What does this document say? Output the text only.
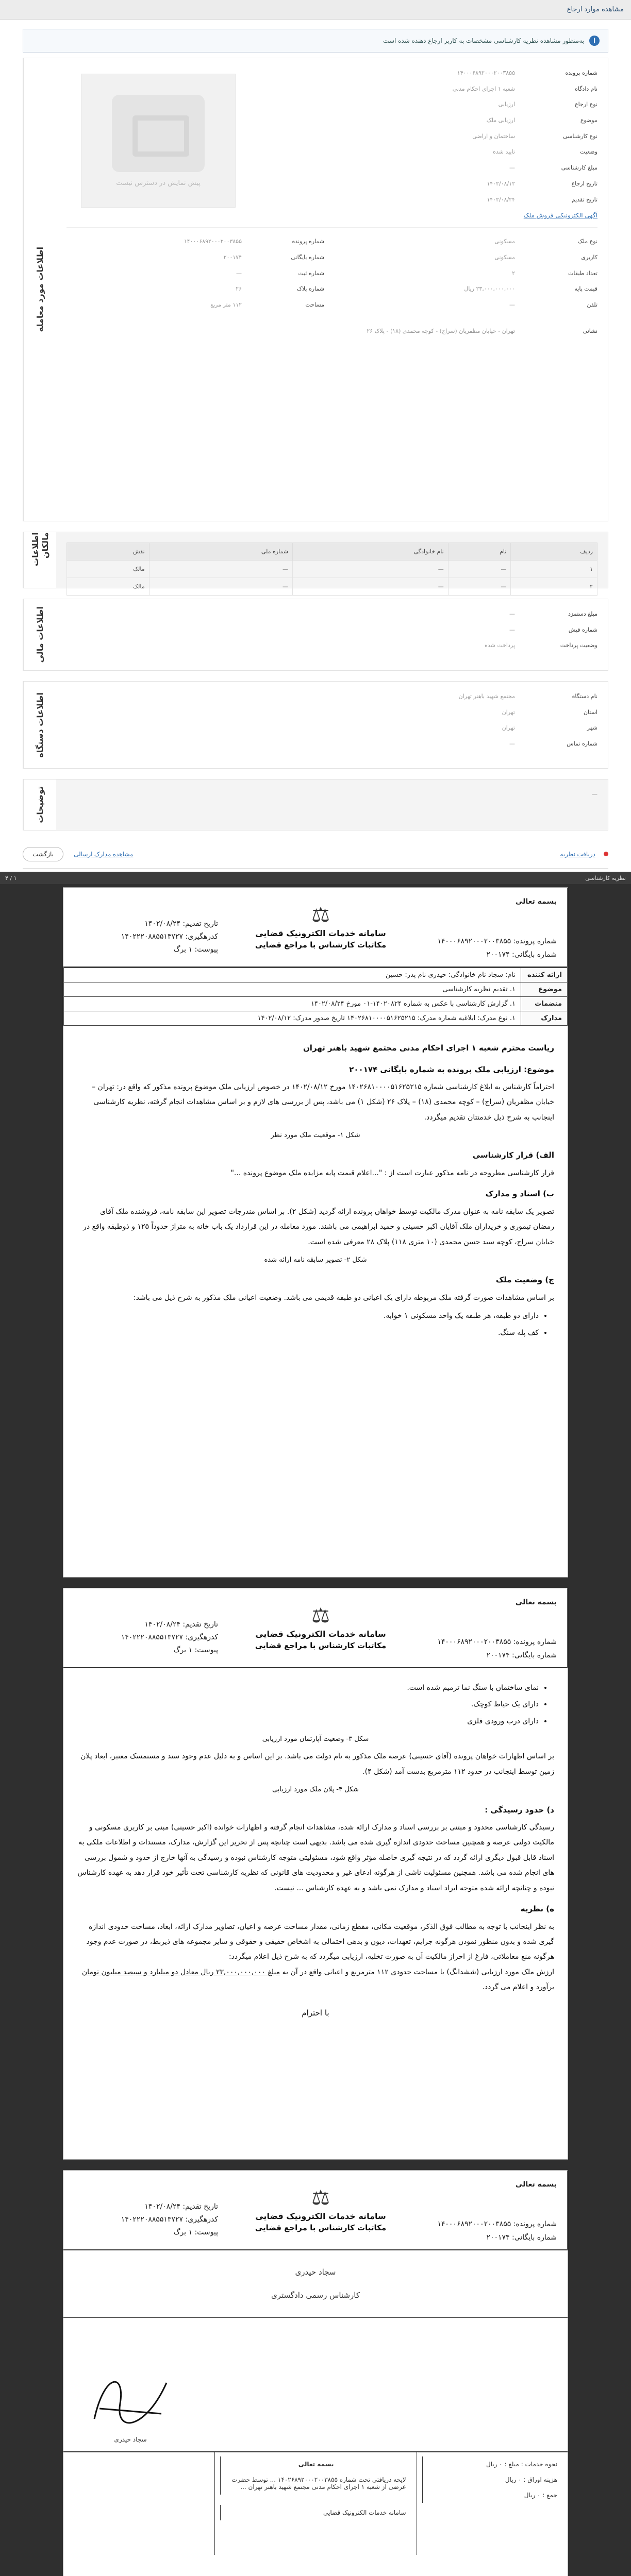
مشاهده موارد ارجاع
i
به‌منظور مشاهده نظریه کارشناسی مشخصات به کاربر ارجاع دهنده شده است
شماره پرونده
۱۴۰۰۰۶۸۹۲۰۰۰۲۰۰۳۸۵۵
نام دادگاه
شعبه ۱ اجرای احکام مدنی
نوع ارجاع
ارزیابی
موضوع
ارزیابی ملک
نوع کارشناسی
ساختمان و اراضی
وضعیت
تایید شده
مبلغ کارشناسی
—
تاریخ ارجاع
۱۴۰۲/۰۸/۱۲
تاریخ تقدیم
۱۴۰۲/۰۸/۲۴
آگهی الکترونیکی فروش ملک
پیش نمایش در دسترس نیست
نوع ملک
مسکونی
کاربری
مسکونی
تعداد طبقات
۲
قیمت پایه
۲۳,۰۰۰,۰۰۰,۰۰۰ ریال
تلفن
—
شماره پرونده
۱۴۰۰۰۶۸۹۲۰۰۰۲۰۰۳۸۵۵
شماره بایگانی
۲۰۰۱۷۴
شماره ثبت
—
شماره پلاک
۲۶
مساحت
۱۱۲ متر مربع
نشانی
تهران - خیابان مظفریان (سراج) - کوچه محمدی (۱۸) - پلاک ۲۶
اطلاعات مورد معامله
ردیف	نام	نام خانوادگی	شماره ملی	نقش
۱	—	—	—	مالک
۲	—	—	—	مالک
اطلاعات مالکان
مبلغ دستمزد
—
شماره فیش
—
وضعیت پرداخت
پرداخت شده
اطلاعات مالی
نام دستگاه
مجتمع شهید باهنر تهران
استان
تهران
شهر
تهران
شماره تماس
—
اطلاعات دستگاه
—
توضیحات
دریافت نظریه
مشاهده مدارک ارسالی
بازگشت
نظریه کارشناسی
۱ / ۴
بسمه تعالی
شماره پرونده: ۱۴۰۰۰۶۸۹۲۰۰۰۲۰۰۳۸۵۵
شماره بایگانی: ۲۰۰۱۷۴
⚖
سامانه خدمات الکترونیک قضایی
مکاتبات کارشناس با مراجع قضایی
تاریخ تقدیم: ۱۴۰۲/۰۸/۲۴
کدرهگیری: ۱۴۰۲۲۲۰۸۸۵۵۱۳۷۲۷
پیوست: ۱ برگ
ارائه کننده	نام: سجاد نام خانوادگی: حیدری نام پدر: حسین
موضوع	۱. تقدیم نظریه کارشناسی
منضمات	۱. گزارش کارشناسی با عکس به شماره ۱۴۰۲۰۸۲۴-۰۱ مورخ ۱۴۰۲/۰۸/۲۴
مدارک	۱. نوع مدرک: ابلاغیه شماره مدرک: ۱۴۰۲۶۸۱۰۰۰۰۵۱۶۲۵۲۱۵ تاریخ صدور مدرک: ۱۴۰۲/۰۸/۱۲
ریاست محترم شعبه ۱ اجرای احکام مدنی مجتمع شهید باهنر تهران
موضوع: ارزیابی ملک پرونده به شماره بایگانی ۲۰۰۱۷۴

احتراماً کارشناس به ابلاغ کارشناسی شماره ۱۴۰۲۶۸۱۰۰۰۰۵۱۶۲۵۲۱۵ مورخ ۱۴۰۲/۰۸/۱۲ در خصوص ارزیابی ملک موضوع پرونده مذکور که واقع در: تهران – خیابان مظفریان (سراج) – کوچه محمدی (۱۸) – پلاک ۲۶ (شکل ۱) می باشد، پس از بررسی های لازم و بر اساس مشاهدات انجام گرفته، نظریه کارشناسی اینجانب به شرح ذیل خدمتتان تقدیم میگردد.

شکل ۱- موقعیت ملک مورد نظر
الف) قرار کارشناسی

قرار کارشناسی مطروحه در نامه مذکور عبارت است از : "...اعلام قیمت پایه مزایده ملک موضوع پرونده ..."

ب) اسناد و مدارک

تصویر یک سابقه نامه به عنوان مدرک مالکیت توسط خواهان پرونده ارائه گردید (شکل ۲). بر اساس مندرجات تصویر این سابقه نامه، فروشنده ملک آقای رمضان تیموری و خریداران ملک آقایان اکبر حسینی و حمید ابراهیمی می باشند. مورد معامله در این قرارداد یک باب خانه به متراژ حدوداً ۱۲۵ و ذوطبقه واقع در خیابان سراج، کوچه سید حسن محمدی (۱۰ متری ۱۱۸) پلاک ۲۸ معرفی شده است.

شکل ۲- تصویر سابقه نامه ارائه شده
ج) وضعیت ملک

بر اساس مشاهدات صورت گرفته ملک مربوطه دارای یک اعیانی دو طبقه قدیمی می باشد. وضعیت اعیانی ملک مذکور به شرح ذیل می باشد:

• دارای دو طبقه، هر طبقه یک واحد مسکونی ۱ خوابه.
• کف پله سنگ.
بسمه تعالی
شماره پرونده: ۱۴۰۰۰۶۸۹۲۰۰۰۲۰۰۳۸۵۵
شماره بایگانی: ۲۰۰۱۷۴
⚖
سامانه خدمات الکترونیک قضایی
مکاتبات کارشناس با مراجع قضایی
تاریخ تقدیم: ۱۴۰۲/۰۸/۲۴
کدرهگیری: ۱۴۰۲۲۲۰۸۸۵۵۱۳۷۲۷
پیوست: ۱ برگ
• نمای ساختمان با سنگ نما ترمیم شده است.
• دارای یک حیاط کوچک.
• دارای درب ورودی فلزی
شکل ۳- وضعیت آپارتمان مورد ارزیابی

بر اساس اظهارات خواهان پرونده (آقای حسینی) عرصه ملک مذکور به نام دولت می باشد. بر این اساس و به دلیل عدم وجود سند و مستمسک معتبر، ابعاد پلان زمین توسط اینجانب در حدود ۱۱۲ مترمربع بدست آمد (شکل ۴).

شکل ۴- پلان ملک مورد ارزیابی
د) حدود رسیدگی :

رسیدگی کارشناسی محدود و مبتنی بر بررسی اسناد و مدارک ارائه شده، مشاهدات انجام گرفته و اظهارات خوانده (اکبر حسینی) مبنی بر کاربری مسکونی و مالکیت دولتی عرصه و همچنین مساحت حدودی اندازه گیری شده می باشد. بدیهی است چنانچه پس از تحریر این گزارش، مدارک، مستندات و اطلاعات ملکی به اسناد قابل قبول دیگری ارائه گردد که در نتیجه گیری حاصله مؤثر واقع شود، مسئولیتی متوجه کارشناس نبوده و رسیدگی به آنها خارج از حدود و شمول بررسی های انجام شده می باشد. همچنین مسئولیت ناشی از هرگونه ادعای غیر و محدودیت های قانونی که نظریه کارشناسی تحت تأثیر خود قرار دهد به عهده کارشناس نبوده و چنانچه ارائه شده متوجه ایراد اسناد و مدارک نمی باشد و به عهده کارشناس ... نیست.

ه) نظریه

به نظر اینجانب با توجه به مطالب فوق الذکر، موقعیت مکانی، مقطع زمانی، مقدار مساحت عرصه و اعیان، تصاویر مدارک ارائه، ابعاد، مساحت حدودی اندازه گیری شده و بدون منظور نمودن هرگونه جرایم، تعهدات، دیون و بدهی احتمالی به اشخاص حقیقی و حقوقی و سایر مجموعه های ذیربط، در صورت عدم وجود هرگونه منع معاملاتی، فارغ از احراز مالکیت آن به صورت تخلیه، ارزیابی میگردد که به شرح ذیل اعلام میگردد:

ارزش ملک مورد ارزیابی (ششدانگ) با مساحت حدودی ۱۱۲ مترمربع و اعیانی واقع در آن به مبلغ ۲۳,۰۰۰,۰۰۰,۰۰۰ ریال معادل دو میلیارد و سیصد میلیون تومان برآورد و اعلام می گردد.

با احترام
بسمه تعالی
شماره پرونده: ۱۴۰۰۰۶۸۹۲۰۰۰۲۰۰۳۸۵۵
شماره بایگانی: ۲۰۰۱۷۴
⚖
سامانه خدمات الکترونیک قضایی
مکاتبات کارشناس با مراجع قضایی
تاریخ تقدیم: ۱۴۰۲/۰۸/۲۴
کدرهگیری: ۱۴۰۲۲۲۰۸۸۵۵۱۳۷۲۷
پیوست: ۱ برگ
سجاد حیدری
کارشناس رسمی دادگستری
سجاد حیدری
نحوه خدمات : مبلغ : ۰ ریال
هزینه اوراق : ۰ ریال
جمع : ۰ ریال
بسمه تعالی
لایحه دریافتی تحت شماره ۱۴۰۲۶۸۹۲۰۰۰۲۰۰۳۸۵۵ ... توسط حضرت عرضی از شعبه ۱ اجرای احکام مدنی مجتمع شهید باهنر تهران ...
سامانه خدمات الکترونیک قضایی
